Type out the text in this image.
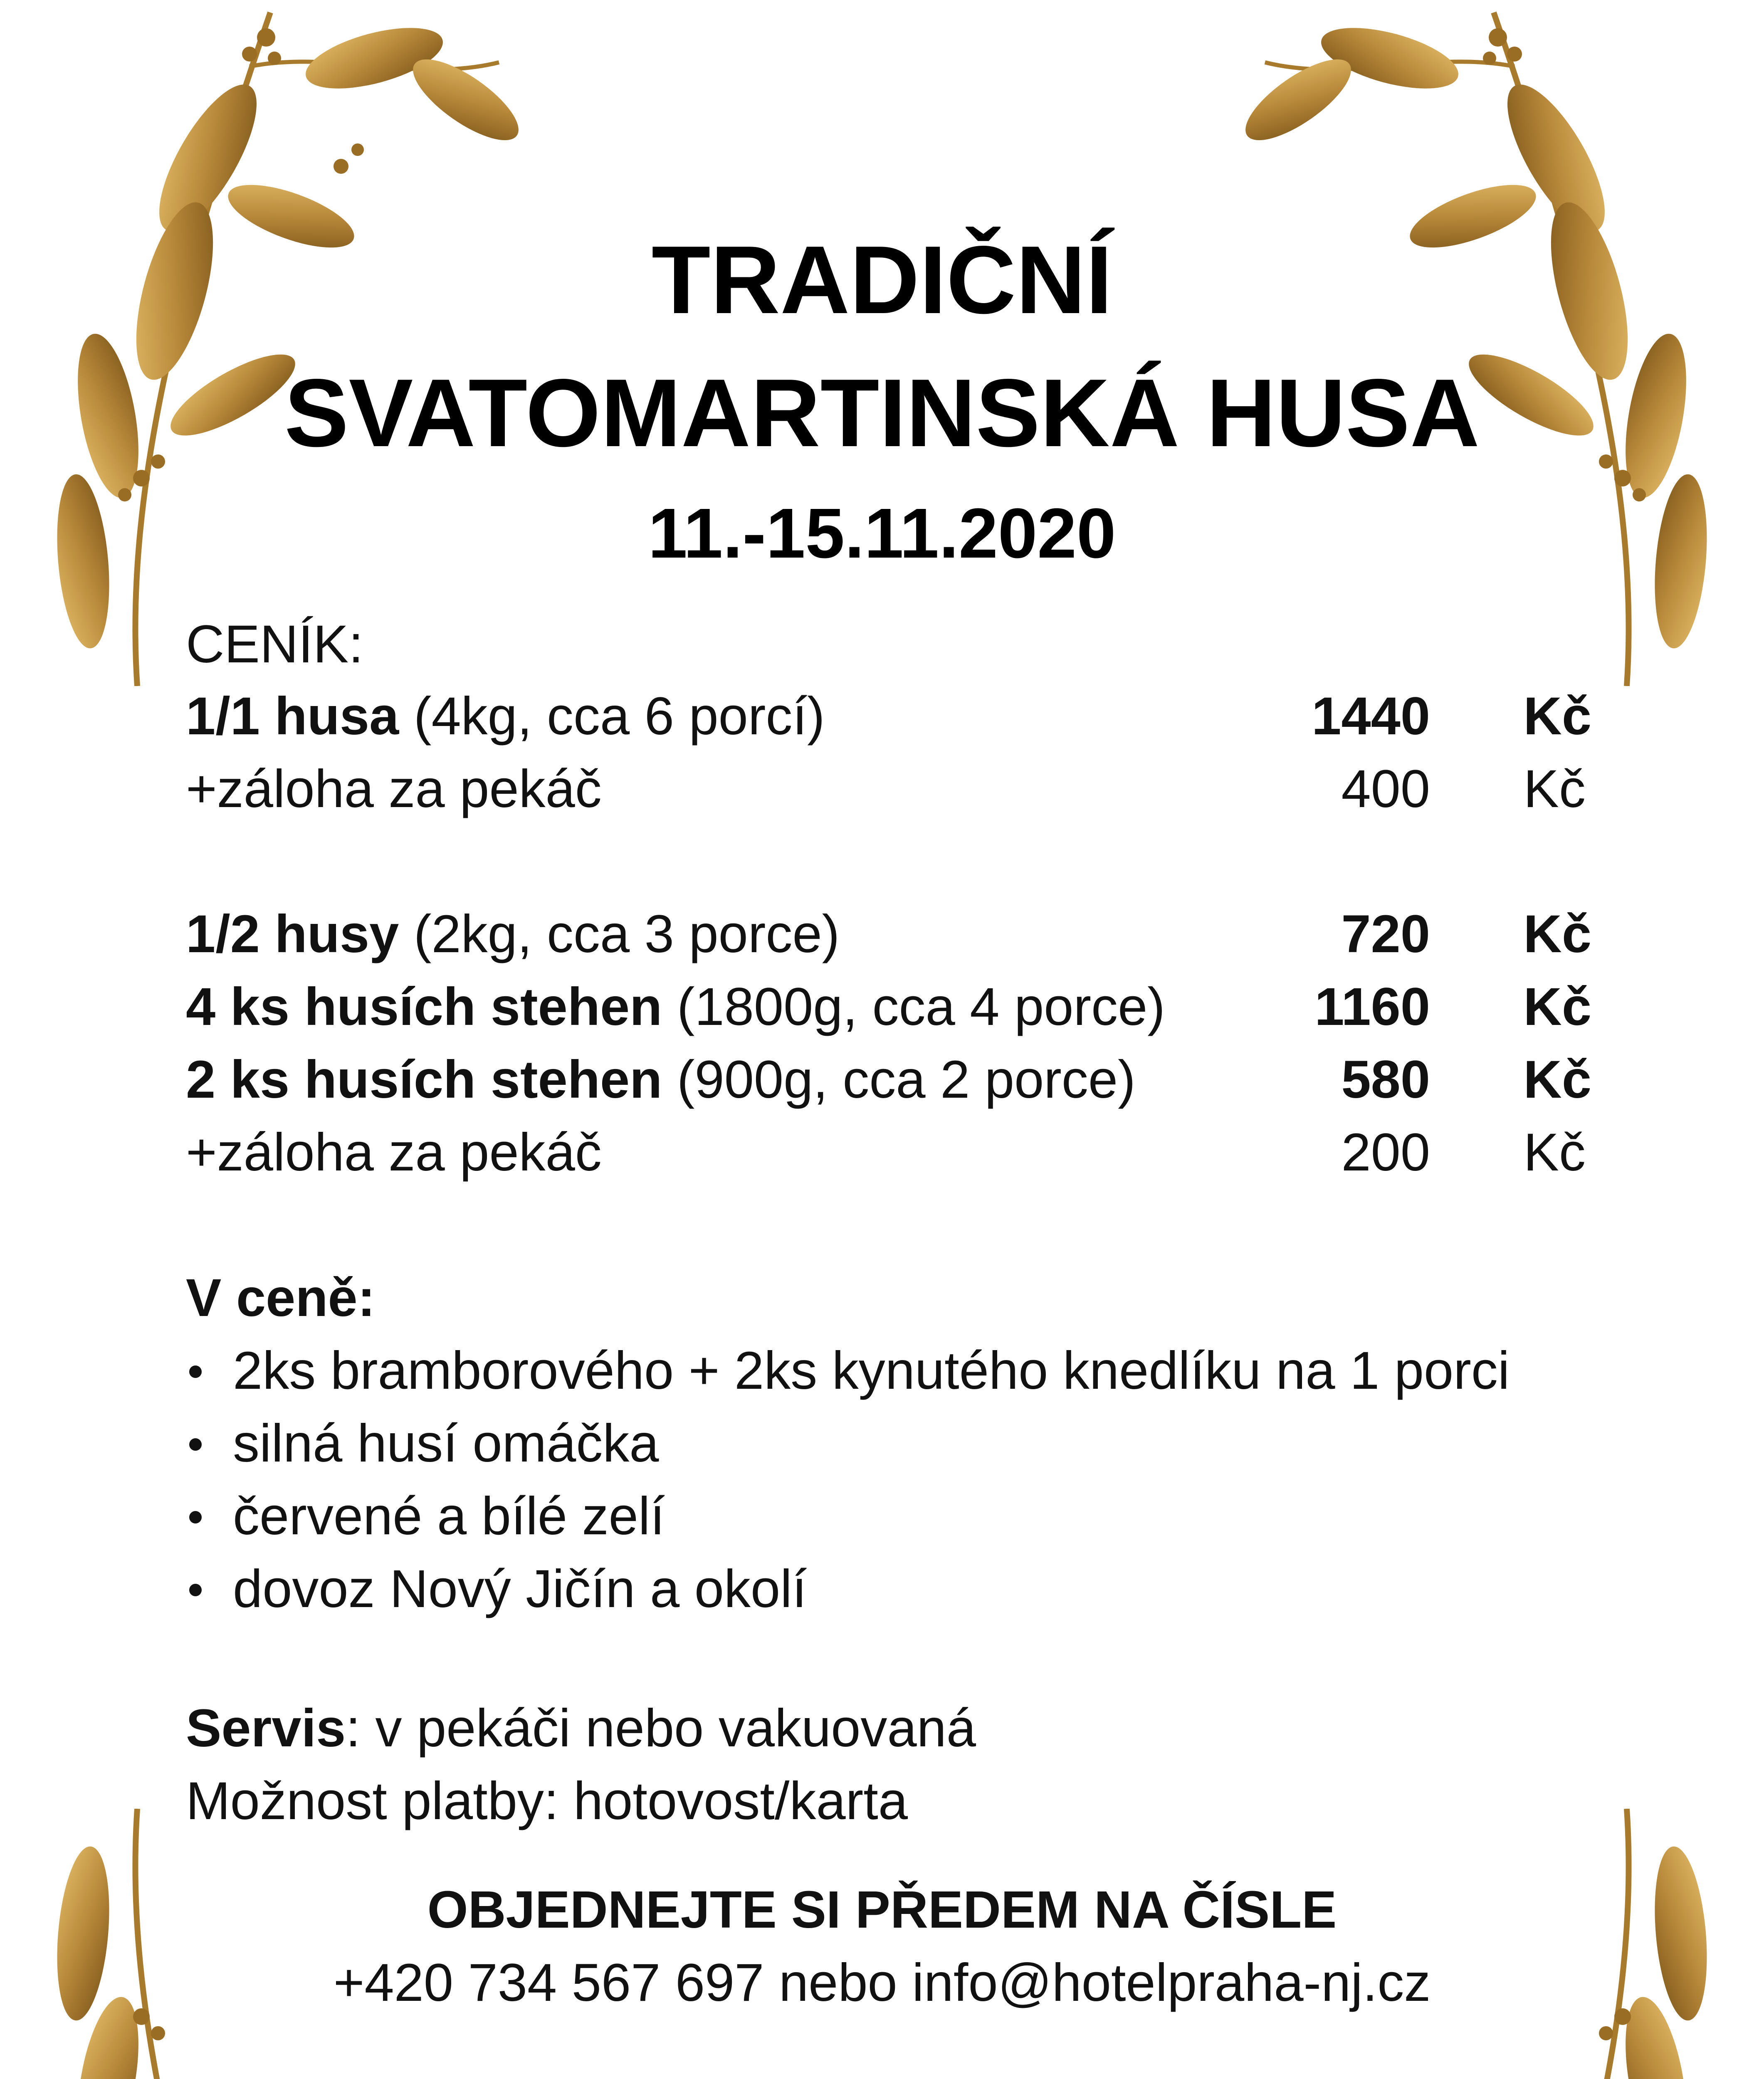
TRADIČNÍ
SVATOMARTINSKÁ HUSA
11.-15.11.2020
CENÍK:
1/1 husa (4kg, cca 6 porcí)	1440	Kč
+záloha za pekáč	400	Kč
1/2 husy (2kg, cca 3 porce)	720	Kč
4 ks husích stehen (1800g, cca 4 porce)	1160	Kč
2 ks husích stehen (900g, cca 2 porce)	580	Kč
+záloha za pekáč	200	Kč
V ceně:
2ks bramborového + 2ks kynutého knedlíku na 1 porci
silná husí omáčka
červené a bílé zelí
dovoz Nový Jičín a okolí
Servis: v pekáči nebo vakuovaná
Možnost platby: hotovost/karta
OBJEDNEJTE SI PŘEDEM NA ČÍSLE
+420 734 567 697 nebo info@hotelpraha-nj.cz
